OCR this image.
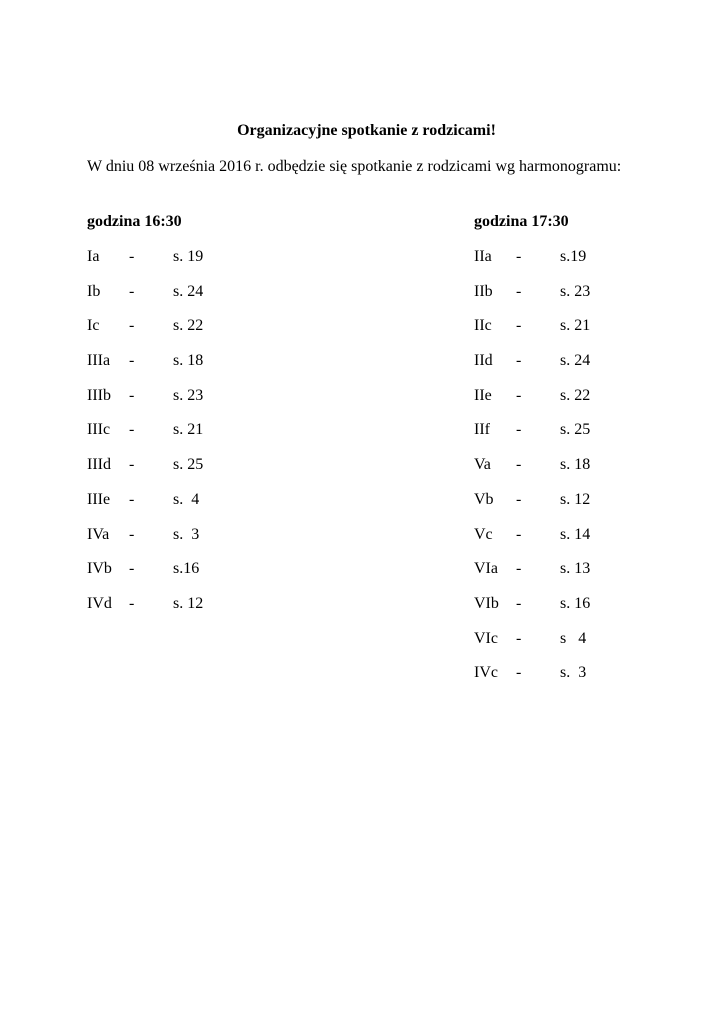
Organizacyjne spotkanie z rodzicami!

W dniu 08 września 2016 r. odbędzie się spotkanie z rodzicami wg harmonogramu:

godzina 16:30
Ia - s. 19
Ib - s. 24
Ic - s. 22
IIIa - s. 18
IIIb - s. 23
IIIc - s. 21
IIId - s. 25
IIIe - s.  4
IVa - s.  3
IVb - s.16
IVd - s. 12
godzina 17:30
IIa - s.19
IIb - s. 23
IIc - s. 21
IId - s. 24
IIe - s. 22
IIf - s. 25
Va - s. 18
Vb - s. 12
Vc - s. 14
VIa - s. 13
VIb - s. 16
VIc - s   4
IVc - s.  3
